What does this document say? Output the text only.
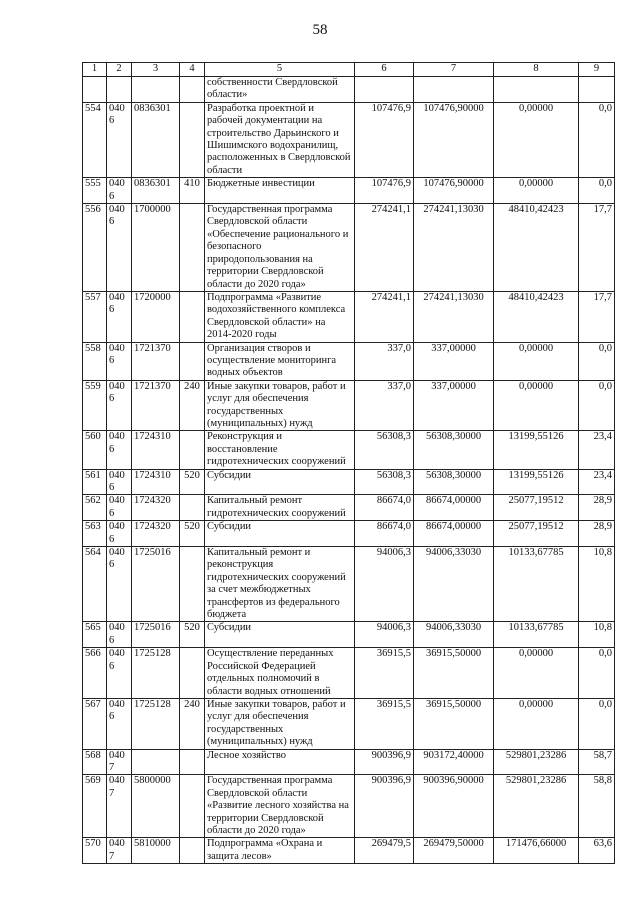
58
1	2	3	4	5	6	7	8	9
				собственности Свердловской области»				
554	0406	0836301		Разработка проектной и рабочей документации на строительство Дарьинского и Шишимского водохранилищ, расположенных в Свердловской области	107476,9	107476,90000	0,00000	0,0
555	0406	0836301	410	Бюджетные инвестиции	107476,9	107476,90000	0,00000	0,0
556	0406	1700000		Государственная программа Свердловской области «Обеспечение рационального и безопасного природопользования на территории Свердловской области до 2020 года»	274241,1	274241,13030	48410,42423	17,7
557	0406	1720000		Подпрограмма «Развитие водохозяйственного комплекса Свердловской области» на 2014-2020 годы	274241,1	274241,13030	48410,42423	17,7
558	0406	1721370		Организация створов и осуществление мониторинга водных объектов	337,0	337,00000	0,00000	0,0
559	0406	1721370	240	Иные закупки товаров, работ и услуг для обеспечения государственных (муниципальных) нужд	337,0	337,00000	0,00000	0,0
560	0406	1724310		Реконструкция и восстановление гидротехнических сооружений	56308,3	56308,30000	13199,55126	23,4
561	0406	1724310	520	Субсидии	56308,3	56308,30000	13199,55126	23,4
562	0406	1724320		Капитальный ремонт гидротехнических сооружений	86674,0	86674,00000	25077,19512	28,9
563	0406	1724320	520	Субсидии	86674,0	86674,00000	25077,19512	28,9
564	0406	1725016		Капитальный ремонт и реконструкция гидротехнических сооружений за счет межбюджетных трансфертов из федерального бюджета	94006,3	94006,33030	10133,67785	10,8
565	0406	1725016	520	Субсидии	94006,3	94006,33030	10133,67785	10,8
566	0406	1725128		Осуществление переданных Российской Федерацией отдельных полномочий в области водных отношений	36915,5	36915,50000	0,00000	0,0
567	0406	1725128	240	Иные закупки товаров, работ и услуг для обеспечения государственных (муниципальных) нужд	36915,5	36915,50000	0,00000	0,0
568	0407			Лесное хозяйство	900396,9	903172,40000	529801,23286	58,7
569	0407	5800000		Государственная программа Свердловской области «Развитие лесного хозяйства на территории Свердловской области до 2020 года»	900396,9	900396,90000	529801,23286	58,8
570	0407	5810000		Подпрограмма «Охрана и защита лесов»	269479,5	269479,50000	171476,66000	63,6
